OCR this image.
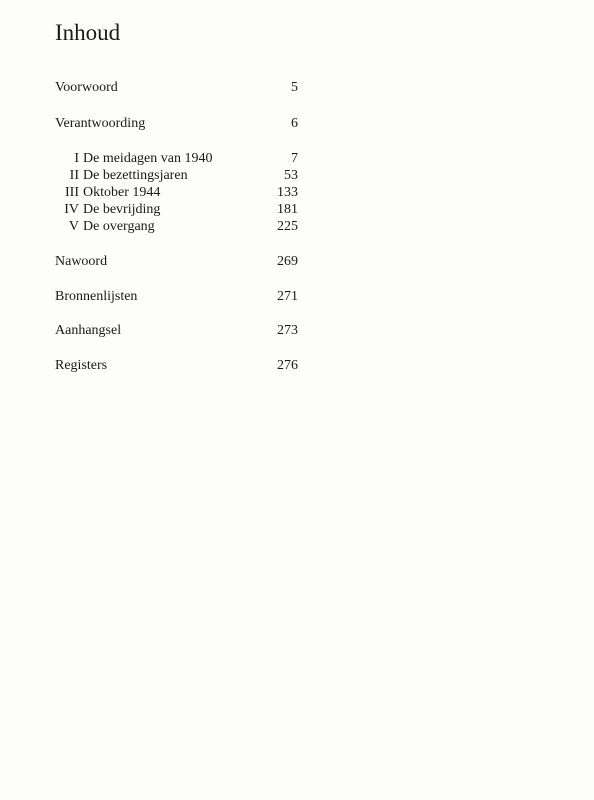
Inhoud
Voorwoord	5
Verantwoording	6
I De meidagen van 1940	7
II De bezettingsjaren	53
III Oktober 1944	133
IV De bevrijding	181
V De overgang	225
Nawoord	269
Bronnenlijsten	271
Aanhangsel	273
Registers	276
